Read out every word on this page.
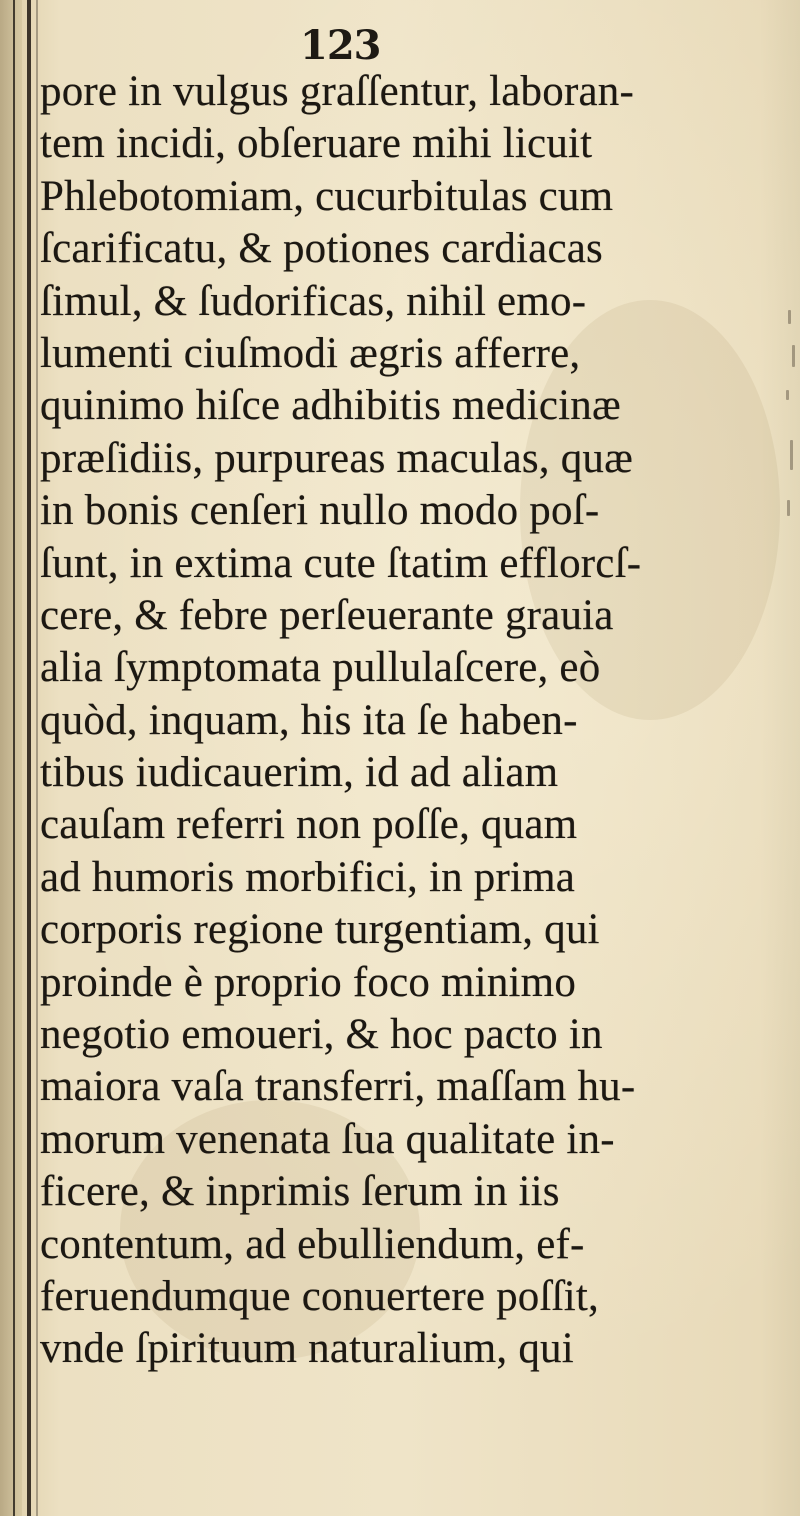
123
pore in vulgus graſſentur, laboran-
tem incidi, obſeruare mihi licuit
Phlebotomiam, cucurbitulas cum
ſcarificatu, & potiones cardiacas
ſimul, & ſudorificas, nihil emo-
lumenti ciuſmodi ægris afferre,
quinimo hiſce adhibitis medicinæ
præſidiis, purpureas maculas, quæ
in bonis cenſeri nullo modo poſ-
ſunt, in extima cute ſtatim efflorcſ-
cere, & febre perſeuerante grauia
alia ſymptomata pullulaſcere, eò
quòd, inquam, his ita ſe haben-
tibus iudicauerim, id ad aliam
cauſam referri non poſſe, quam
ad humoris morbifici, in prima
corporis regione turgentiam, qui
proinde è proprio foco minimo
negotio emoueri, & hoc pacto in
maiora vaſa transferri, maſſam hu-
morum venenata ſua qualitate in-
ficere, & inprimis ſerum in iis
contentum, ad ebulliendum, ef-
feruendumque conuertere poſſit,
vnde ſpirituum naturalium, qui
